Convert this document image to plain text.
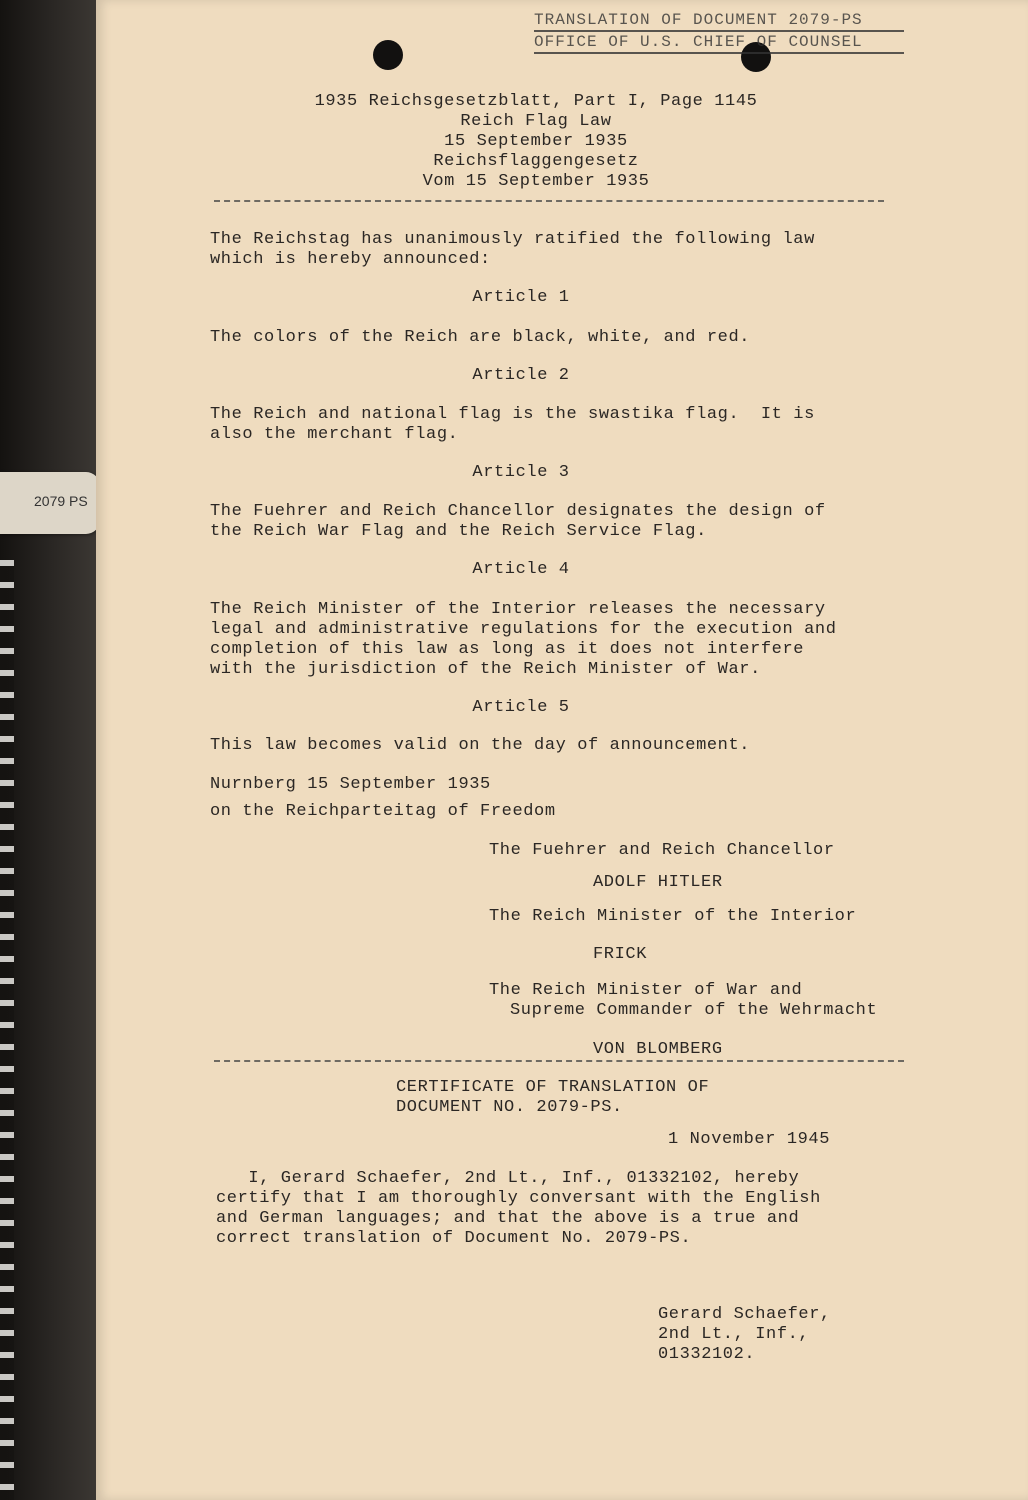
2079 PS
TRANSLATION OF DOCUMENT 2079-PS
OFFICE OF U.S. CHIEF OF COUNSEL
1935 Reichsgesetzblatt, Part I, Page 1145
Reich Flag Law
15 September 1935
Reichsflaggengesetz
Vom 15 September 1935
The Reichstag has unanimously ratified the following law
which is hereby announced:
Article 1
The colors of the Reich are black, white, and red.
Article 2
The Reich and national flag is the swastika flag.  It is
also the merchant flag.
Article 3
The Fuehrer and Reich Chancellor designates the design of
the Reich War Flag and the Reich Service Flag.
Article 4
The Reich Minister of the Interior releases the necessary
legal and administrative regulations for the execution and
completion of this law as long as it does not interfere
with the jurisdiction of the Reich Minister of War.
Article 5
This law becomes valid on the day of announcement.
Nurnberg 15 September 1935
on the Reichparteitag of Freedom
The Fuehrer and Reich Chancellor
ADOLF HITLER
The Reich Minister of the Interior
FRICK
The Reich Minister of War and
Supreme Commander of the Wehrmacht
VON BLOMBERG
CERTIFICATE OF TRANSLATION OF
DOCUMENT NO. 2079-PS.
1 November 1945
I, Gerard Schaefer, 2nd Lt., Inf., 01332102, hereby
certify that I am thoroughly conversant with the English
and German languages; and that the above is a true and
correct translation of Document No. 2079-PS.
Gerard Schaefer,
2nd Lt., Inf.,
01332102.
